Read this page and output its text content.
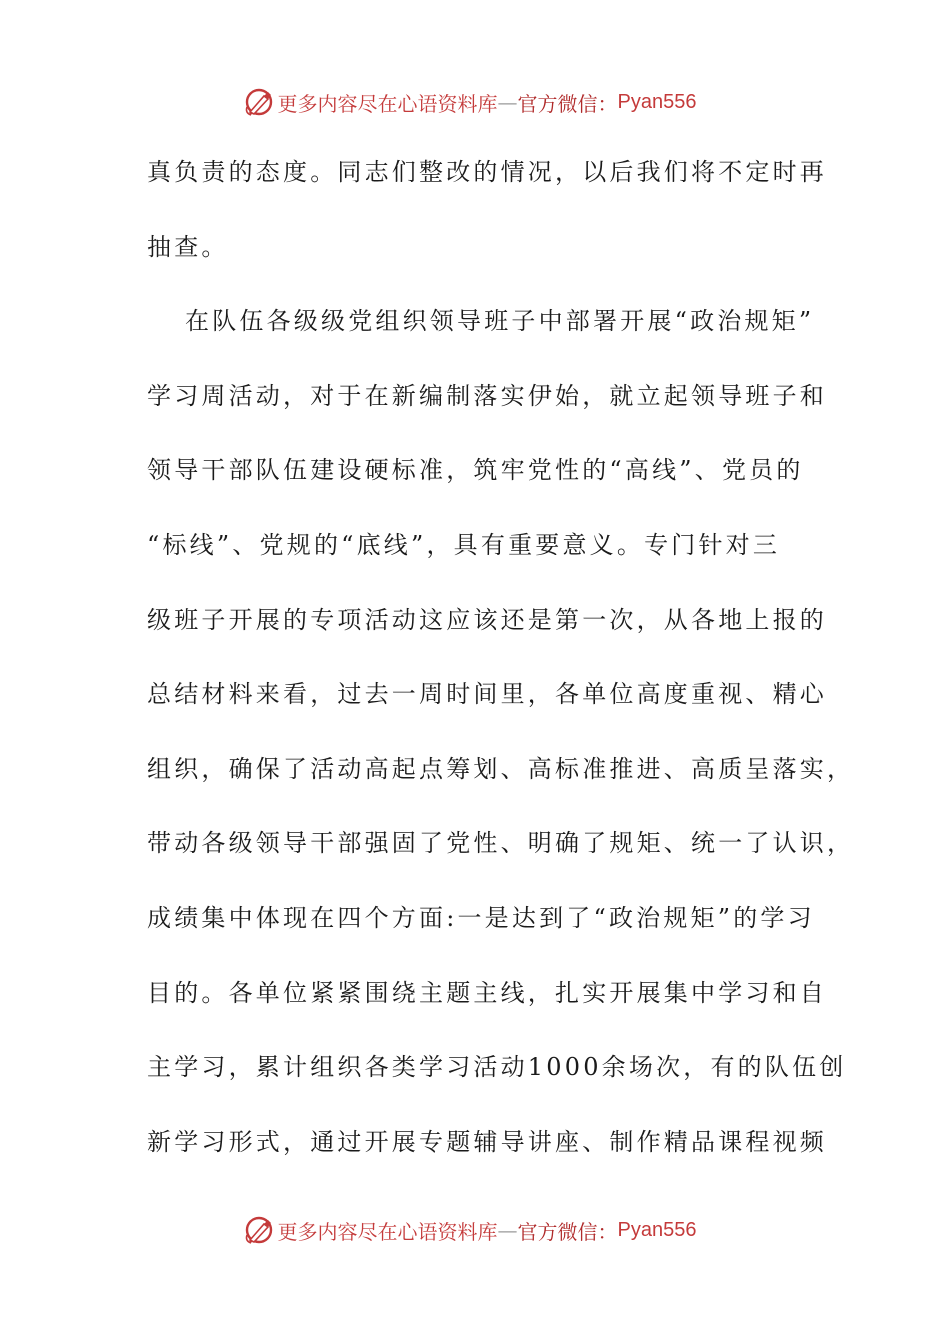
更多内容尽在心语资料库 — 官方微信： Pyan556
真负责的态度。同志们整改的情况，以后我们将不定时再
抽查。
在队伍各级级党组织领导班子中部署开展“政治规矩”
学习周活动，对于在新编制落实伊始，就立起领导班子和
领导干部队伍建设硬标准，筑牢党性的“高线”、党员的
“标线”、党规的“底线”，具有重要意义。专门针对三
级班子开展的专项活动这应该还是第一次，从各地上报的
总结材料来看，过去一周时间里，各单位高度重视、精心
组织，确保了活动高起点筹划、高标准推进、高质呈落实，
带动各级领导干部强固了党性、明确了规矩、统一了认识，
成绩集中体现在四个方面:一是达到了“政治规矩”的学习
目的。各单位紧紧围绕主题主线，扎实开展集中学习和自
主学习，累计组织各类学习活动1000余场次，有的队伍创
新学习形式，通过开展专题辅导讲座、制作精品课程视频
更多内容尽在心语资料库 — 官方微信： Pyan556
